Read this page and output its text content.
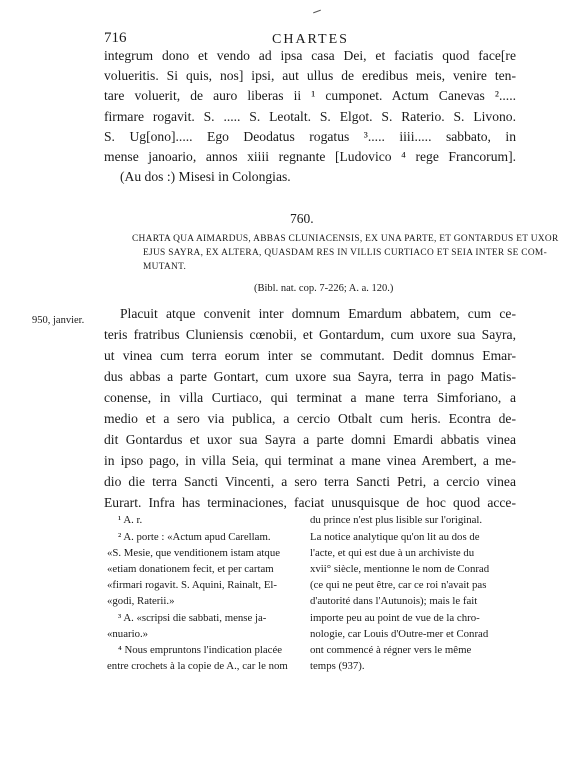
716	CHARTES
integrum dono et vendo ad ipsa casa Dei, et faciatis quod face[re
volueritis. Si quis, nos] ipsi, aut ullus de eredibus meis, venire ten-
tare voluerit, de auro liberas ii ¹ cumponet. Actum Canevas ².....
firmare rogavit. S. ..... S. Leotalt. S. Elgot. S. Raterio. S. Livono.
S. Ug[ono]..... Ego Deodatus rogatus ³..... iiii..... sabbato, in
mense janoario, annos xiiii regnante [Ludovico ⁴ rege Francorum].
(Au dos :) Misesi in Colongias.
760.
CHARTA QUA AIMARDUS, ABBAS CLUNIACENSIS, EX UNA PARTE, ET GONTARDUS ET UXOR
EJUS SAYRA, EX ALTERA, QUASDAM RES IN VILLIS CURTIACO ET SEIA INTER SE COM-
MUTANT.
(Bibl. nat. cop. 7-226; A. a. 120.)
950, janvier.	Placuit atque convenit inter domnum Emardum abbatem, cum ce-
teris fratribus Cluniensis cœnobii, et Gontardum, cum uxore sua Sayra,
ut vinea cum terra eorum inter se commutant. Dedit domnus Emar-
dus abbas a parte Gontart, cum uxore sua Sayra, terra in pago Matis-
conense, in villa Curtiaco, qui terminat a mane terra Simforiano, a
medio et a sero via publica, a cercio Otbalt cum heris. Econtra de-
dit Gontardus et uxor sua Sayra a parte domni Emardi abbatis vinea
in ipso pago, in villa Seia, qui terminat a mane vinea Arembert, a me-
dio die terra Sancti Vincenti, a sero terra Sancti Petri, a cercio vinea
Eurart. Infra has terminaciones, faciat unusquisque de hoc quod acce-
¹ A. r.
² A. porte : «Actum apud Carellam.
«S. Mesie, que venditionem istam atque
«etiam donationem fecit, et per cartam
«firmari rogavit. S. Aquini, Rainalt, El-
«godi, Raterii.»
³ A. «scripsi die sabbati, mense ja-
«nuario.»
⁴ Nous empruntons l'indication placée
entre crochets à la copie de A., car le nom
du prince n'est plus lisible sur l'original.
La notice analytique qu'on lit au dos de
l'acte, et qui est due à un archiviste du
xvii° siècle, mentionne le nom de Conrad
(ce qui ne peut être, car ce roi n'avait pas
d'autorité dans l'Autunois); mais le fait
importe peu au point de vue de la chro-
nologie, car Louis d'Outre-mer et Conrad
ont commencé à régner vers le même
temps (937).
